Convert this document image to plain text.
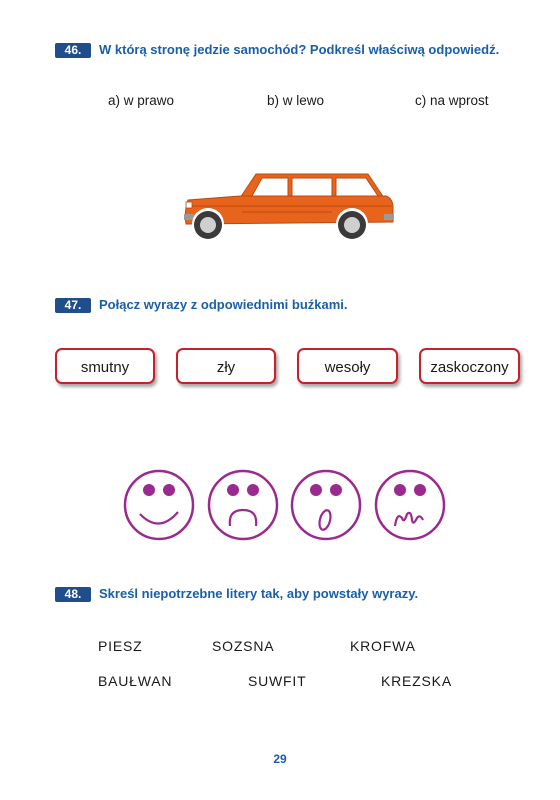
46.	W którą stronę jedzie samochód? Podkreśl właściwą odpowiedź.
a) w prawo	b) w lewo	c) na wprost
47.	Połącz wyrazy z odpowiednimi buźkami.
smutny	zły	wesoły	zaskoczony
48.	Skreśl niepotrzebne litery tak, aby powstały wyrazy.
PIESZ	SOZSNA	KROFWA
BAUŁWAN	SUWFIT	KREZSKA
29
